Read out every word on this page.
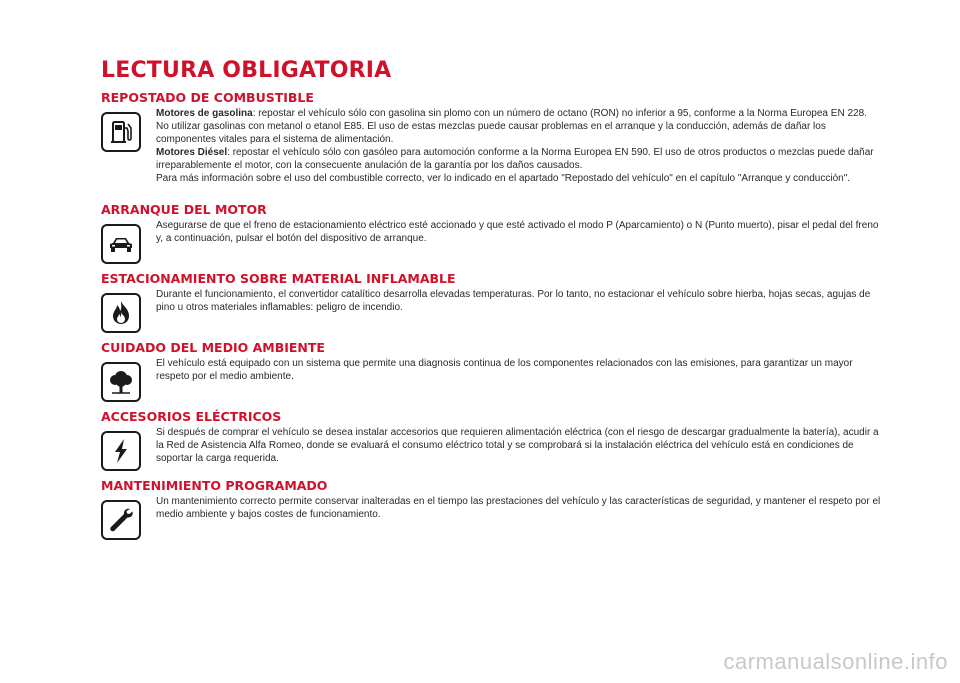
LECTURA OBLIGATORIA
REPOSTADO DE COMBUSTIBLE

Motores de gasolina: repostar el vehículo sólo con gasolina sin plomo con un número de octano (RON) no inferior a 95, conforme a la Norma Europea EN 228. No utilizar gasolinas con metanol o etanol E85. El uso de estas mezclas puede causar problemas en el arranque y la conducción, además de dañar los componentes vitales para el sistema de alimentación.

Motores Diésel: repostar el vehículo sólo con gasóleo para automoción conforme a la Norma Europea EN 590. El uso de otros productos o mezclas puede dañar irreparablemente el motor, con la consecuente anulación de la garantía por los daños causados.

Para más información sobre el uso del combustible correcto, ver lo indicado en el apartado "Repostado del vehículo" en el capítulo "Arranque y conducción".

ARRANQUE DEL MOTOR

Asegurarse de que el freno de estacionamiento eléctrico esté accionado y que esté activado el modo P (Aparcamiento) o N (Punto muerto), pisar el pedal del freno y, a continuación, pulsar el botón del dispositivo de arranque.

ESTACIONAMIENTO SOBRE MATERIAL INFLAMABLE

Durante el funcionamiento, el convertidor catalítico desarrolla elevadas temperaturas. Por lo tanto, no estacionar el vehículo sobre hierba, hojas secas, agujas de pino u otros materiales inflamables: peligro de incendio.

CUIDADO DEL MEDIO AMBIENTE

El vehículo está equipado con un sistema que permite una diagnosis continua de los componentes relacionados con las emisiones, para garantizar un mayor respeto por el medio ambiente.

ACCESORIOS ELÉCTRICOS

Si después de comprar el vehículo se desea instalar accesorios que requieren alimentación eléctrica (con el riesgo de descargar gradualmente la batería), acudir a la Red de Asistencia Alfa Romeo, donde se evaluará el consumo eléctrico total y se comprobará si la instalación eléctrica del vehículo está en condiciones de soportar la carga requerida.

MANTENIMIENTO PROGRAMADO

Un mantenimiento correcto permite conservar inalteradas en el tiempo las prestaciones del vehículo y las características de seguridad, y mantener el respeto por el medio ambiente y bajos costes de funcionamiento.

carmanualsonline.info
